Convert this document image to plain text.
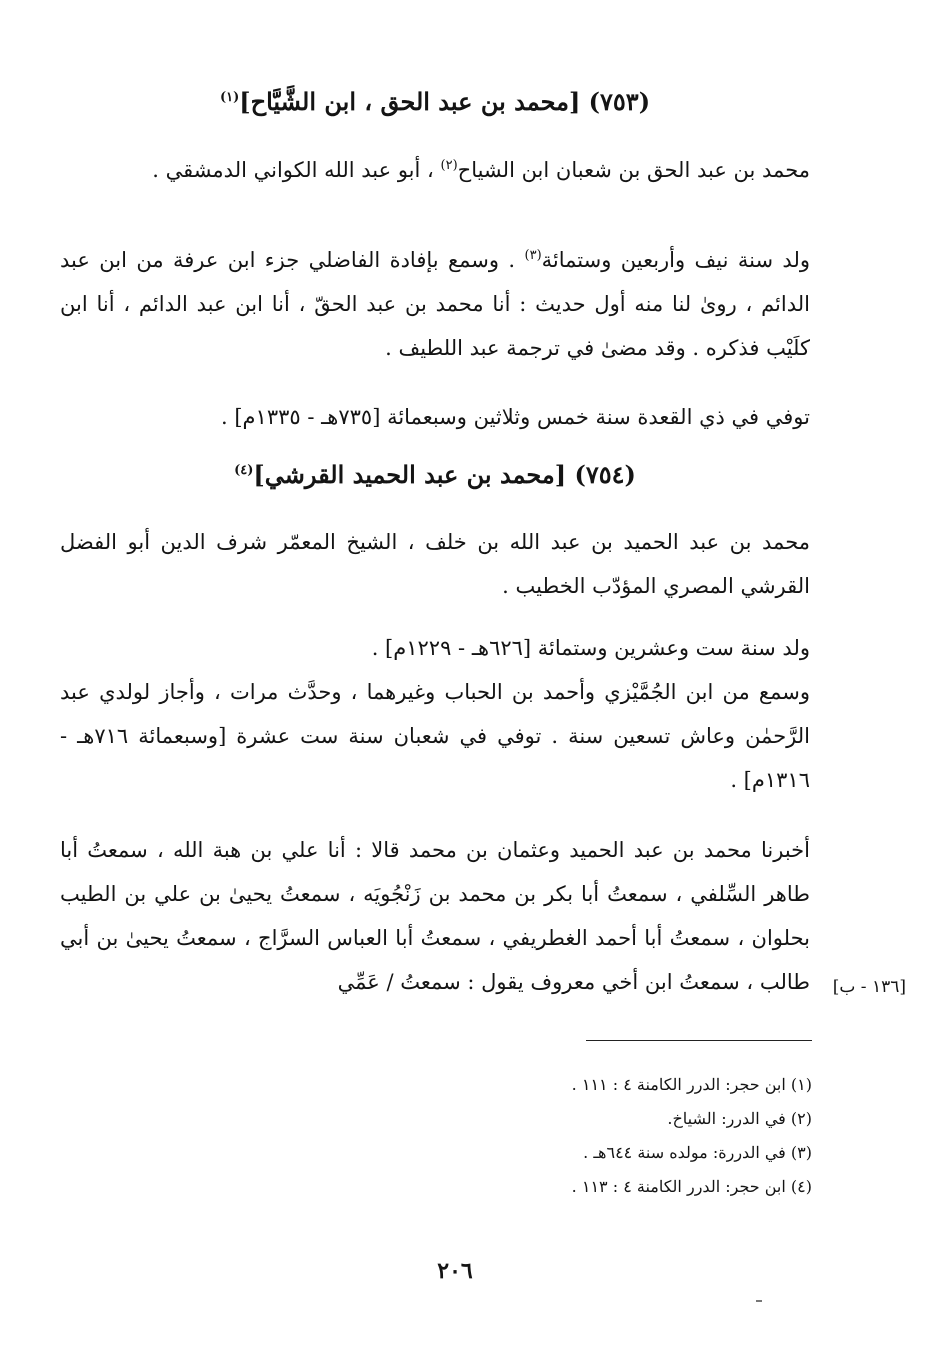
(٧٥٣) [محمد بن عبد الحق ، ابن الشَّيَّاح]$^{(١)}$
محمد بن عبد الحق بن شعبان ابن الشياح$^{(٢)}$ ، أبو عبد الله الكواني الدمشقي .
ولد سنة نيف وأربعين وستمائة$^{(٣)}$ . وسمع بإفادة الفاضلي جزء ابن عرفة من ابن عبد الدائم ، روىٰ لنا منه أول حديث : أنا محمد بن عبد الحقّ ، أنا ابن عبد الدائم ، أنا ابن كلَيْب فذكره . وقد مضىٰ في ترجمة عبد اللطيف .
توفي في ذي القعدة سنة خمس وثلاثين وسبعمائة [٧٣٥هـ - ١٣٣٥م] .
(٧٥٤) [محمد بن عبد الحميد القرشي]$^{(٤)}$
محمد بن عبد الحميد بن عبد الله بن خلف ، الشيخ المعمّر شرف الدين أبو الفضل القرشي المصري المؤدّب الخطيب .
ولد سنة ست وعشرين وستمائة [٦٢٦هـ - ١٢٢٩م] .
وسمع من ابن الجُمَّيْزي وأحمد بن الحباب وغيرهما ، وحدَّث مرات ، وأجاز لولدي عبد الرَّحمٰن وعاش تسعين سنة . توفي في شعبان سنة ست عشرة [وسبعمائة ٧١٦هـ - ١٣١٦م] .
أخبرنا محمد بن عبد الحميد وعثمان بن محمد قالا : أنا علي بن هبة الله ، سمعتُ أبا طاهر السِّلفي ، سمعتُ أبا بكر بن محمد بن زَنْجُويَه ، سمعتُ يحيىٰ بن علي بن الطيب بحلوان ، سمعتُ أبا أحمد الغطريفي ، سمعتُ أبا العباس السرَّاج ، سمعتُ يحيىٰ بن أبي طالب ، سمعتُ ابن أخي معروف يقول : سمعتُ / عَمِّي	[١٣٦ - ب]
(١) ابن حجر: الدرر الكامنة ٤ : ١١١ .
(٢) في الدرر: الشياخ.
(٣) في الدررة: مولده سنة ٦٤٤هـ .
(٤) ابن حجر: الدرر الكامنة ٤ : ١١٣ .
٢٠٦
